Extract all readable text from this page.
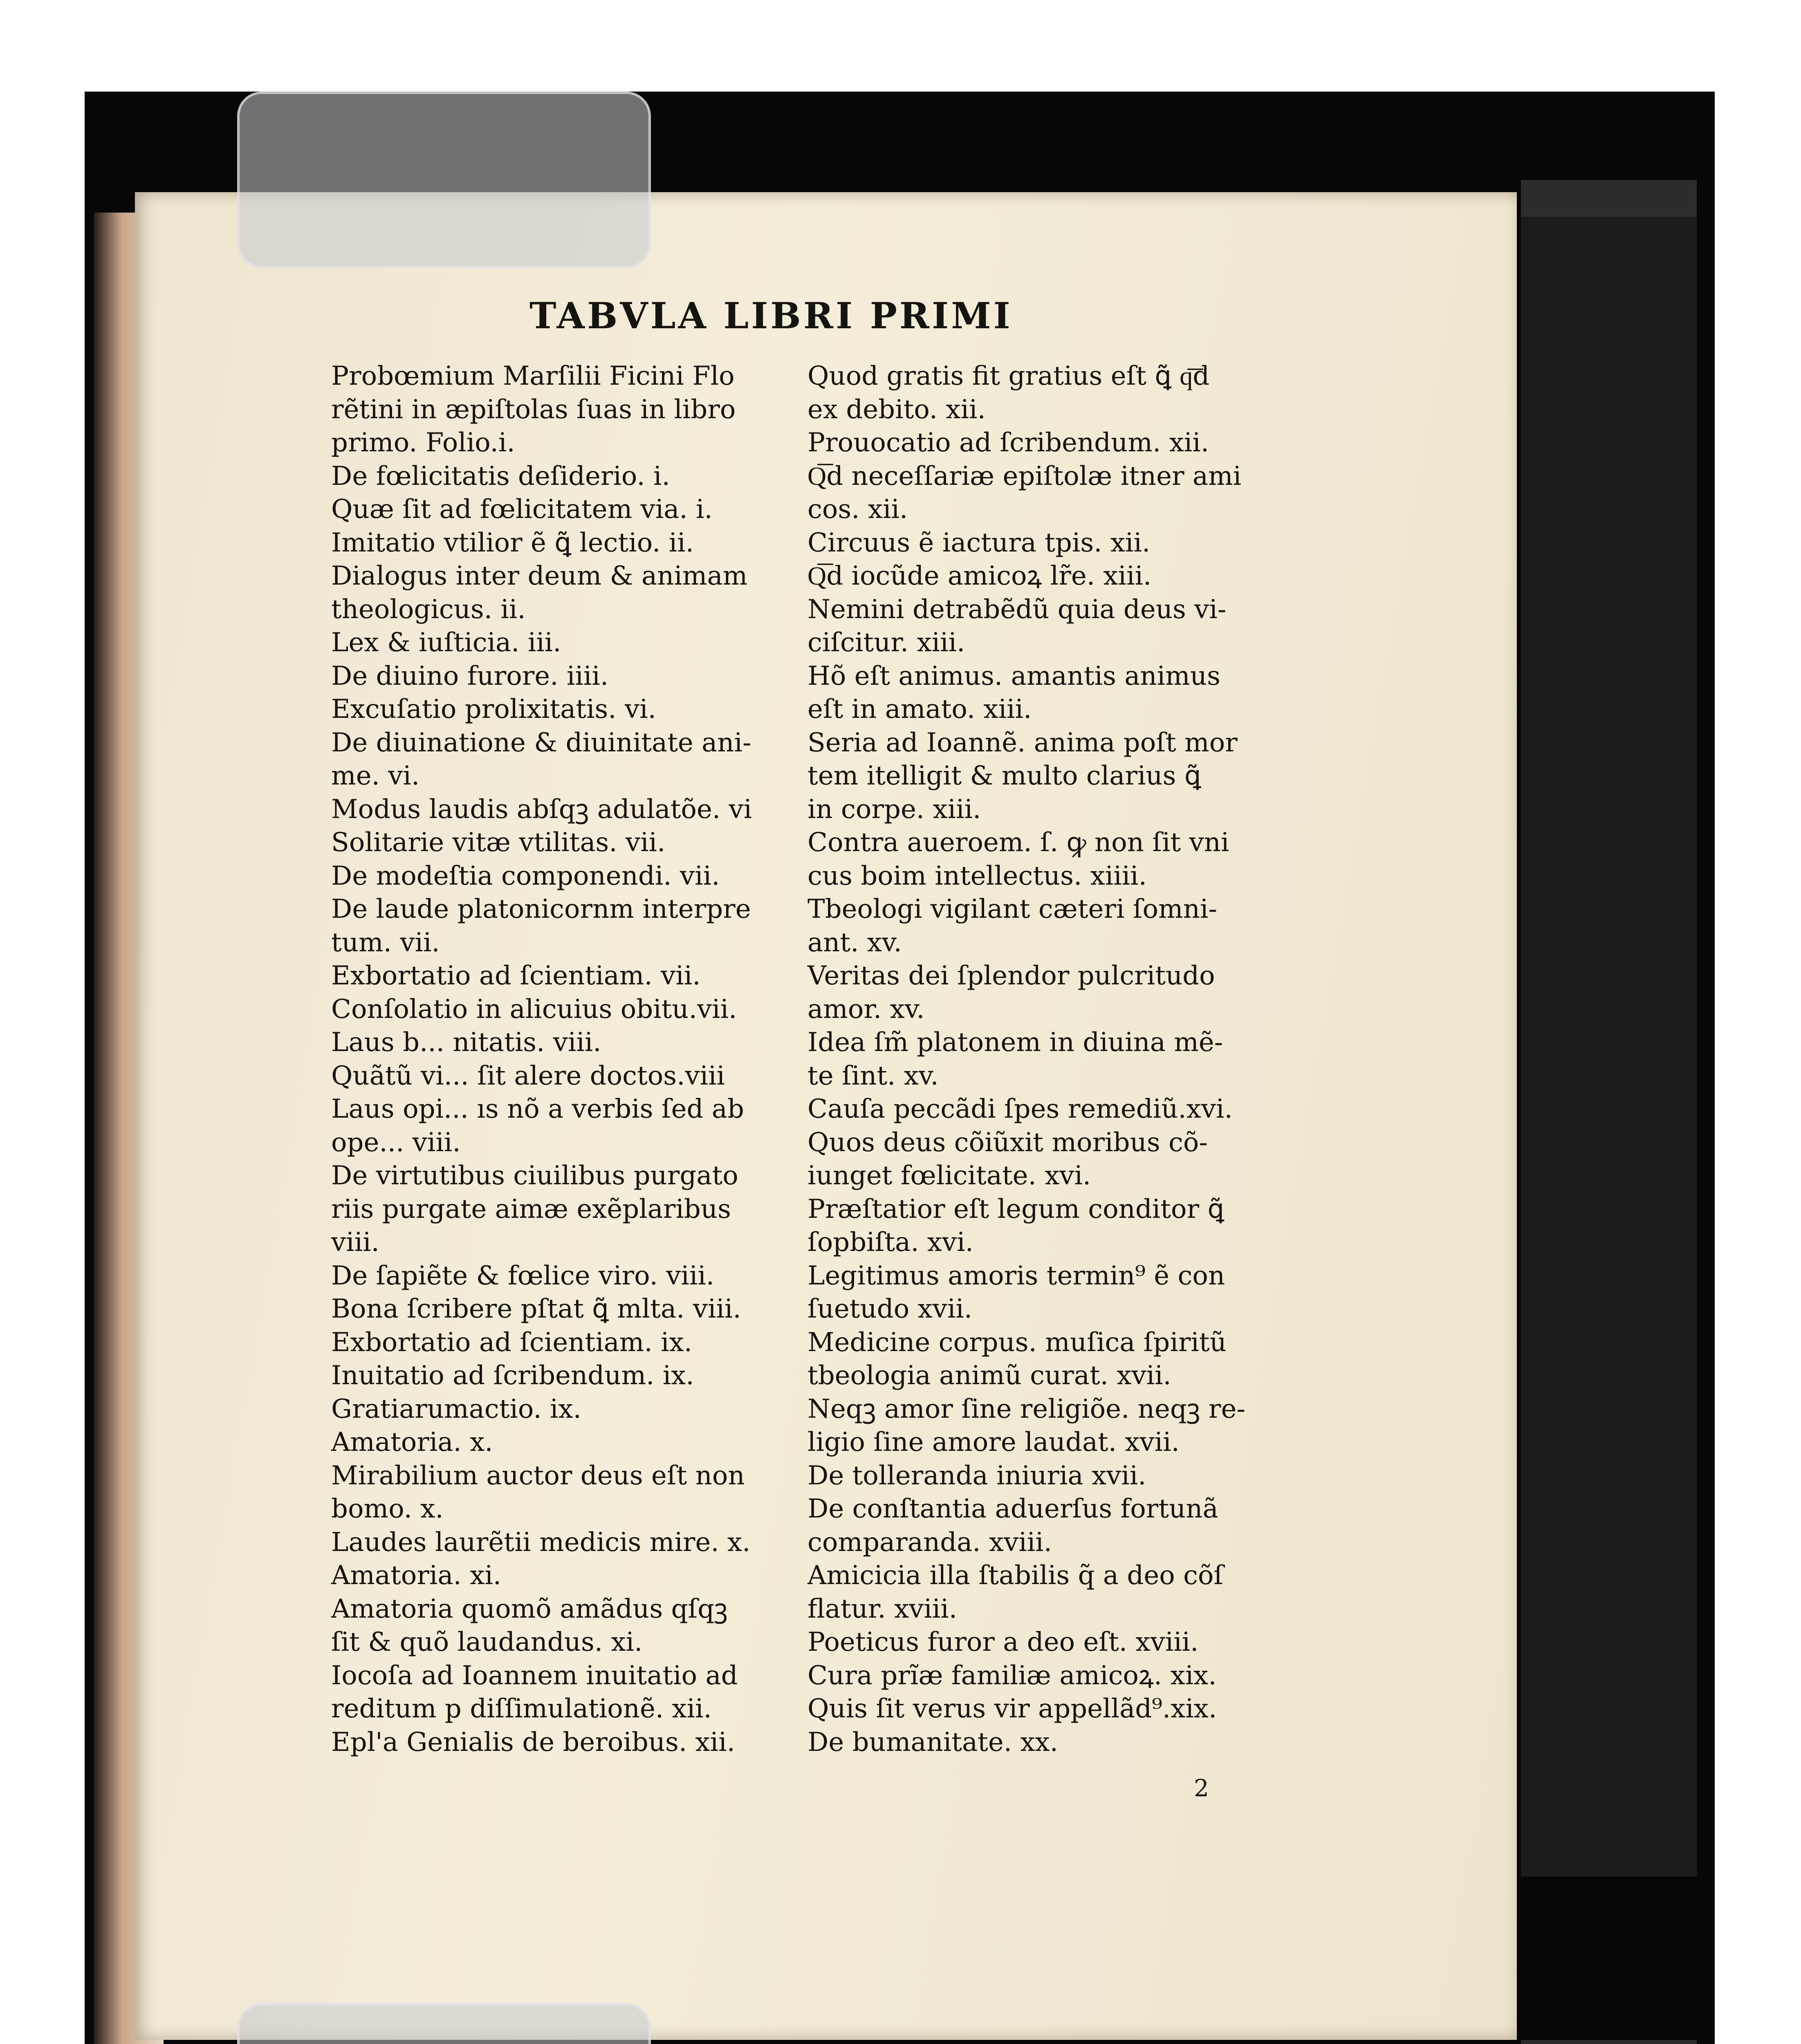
TABVLA LIBRI PRIMI
Probœmium Marſilii Ficini Flo
rẽtini in æpiſtolas ſuas in libro
primo. Folio.i.
De fœlicitatis deſiderio. i.
Quæ ſit ad fœlicitatem via. i.
Imitatio vtilior ẽ ꝗ̃ lectio. ii.
Dialogus inter deum & animam
theologicus. ii.
Lex & iuſticia. iii.
De diuino furore. iiii.
Excuſatio prolixitatis. vi.
De diuinatione & diuinitate ani-
me. vi.
Modus laudis abſqꝫ adulatõe. vi
Solitarie vitæ vtilitas. vii.
De modeſtia componendi. vii.
De laude platonicornm interpre
tum. vii.
Exbortatio ad ſcientiam. vii.
Conſolatio in alicuius obitu.vii.
Laus b... nitatis. viii.
Quãtũ vi... ſit alere doctos.viii
Laus opi... ıs nõ a verbis ſed ab
ope... viii.
De virtutibus ciuilibus purgato
riis purgate aimæ exẽplaribus
viii.
De ſapiẽte & fœlice viro. viii.
Bona ſcribere pſtat ꝗ̃ mlta. viii.
Exbortatio ad ſcientiam. ix.
Inuitatio ad ſcribendum. ix.
Gratiarumactio. ix.
Amatoria. x.
Mirabilium auctor deus eſt non
bomo. x.
Laudes laurẽtii medicis mire. x.
Amatoria. xi.
Amatoria quomõ amãdus qſqꝫ
ſit & quõ laudandus. xi.
Iocoſa ad Ioannem inuitatio ad
reditum p diſſimulationẽ. xii.
Epl'a Genialis de beroibus. xii.
Quod gratis fit gratius eſt ꝗ̃ q͞d
ex debito. xii.
Prouocatio ad ſcribendum. xii.
Q͞d neceſſariæ epiſtolæ itner ami
cos. xii.
Circuus ẽ iactura tpis. xii.
Q͞d iocũde amicoꝝ lr̃e. xiii.
Nemini detrabẽdũ quia deus vi-
ciſcitur. xiii.
Hõ eſt animus. amantis animus
eſt in amato. xiii.
Seria ad Ioannẽ. anima poſt mor
tem itelligit & multo clarius ꝗ̃
in corpe. xiii.
Contra aueroem. ſ. ꝙ non ſit vni
cus boim intellectus. xiiii.
Tbeologi vigilant cæteri ſomni-
ant. xv.
Veritas dei ſplendor pulcritudo
amor. xv.
Idea ſm̃ platonem in diuina mẽ-
te ſint. xv.
Cauſa peccãdi ſpes remediũ.xvi.
Quos deus cõiũxit moribus cõ-
iunget fœlicitate. xvi.
Præſtatior eſt legum conditor ꝗ̃
ſopbiſta. xvi.
Legitimus amoris termin⁹ ẽ con
ſuetudo xvii.
Medicine corpus. muſica ſpiritũ
tbeologia animũ curat. xvii.
Neqꝫ amor ſine religiõe. neqꝫ re-
ligio ſine amore laudat. xvii.
De tolleranda iniuria xvii.
De conſtantia aduerſus fortunã
comparanda. xviii.
Amicicia illa ſtabilis q̃ a deo cõſ
flatur. xviii.
Poeticus furor a deo eſt. xviii.
Cura prĩæ familiæ amicoꝝ. xix.
Quis ſit verus vir appellãd⁹.xix.
De bumanitate. xx.
2
